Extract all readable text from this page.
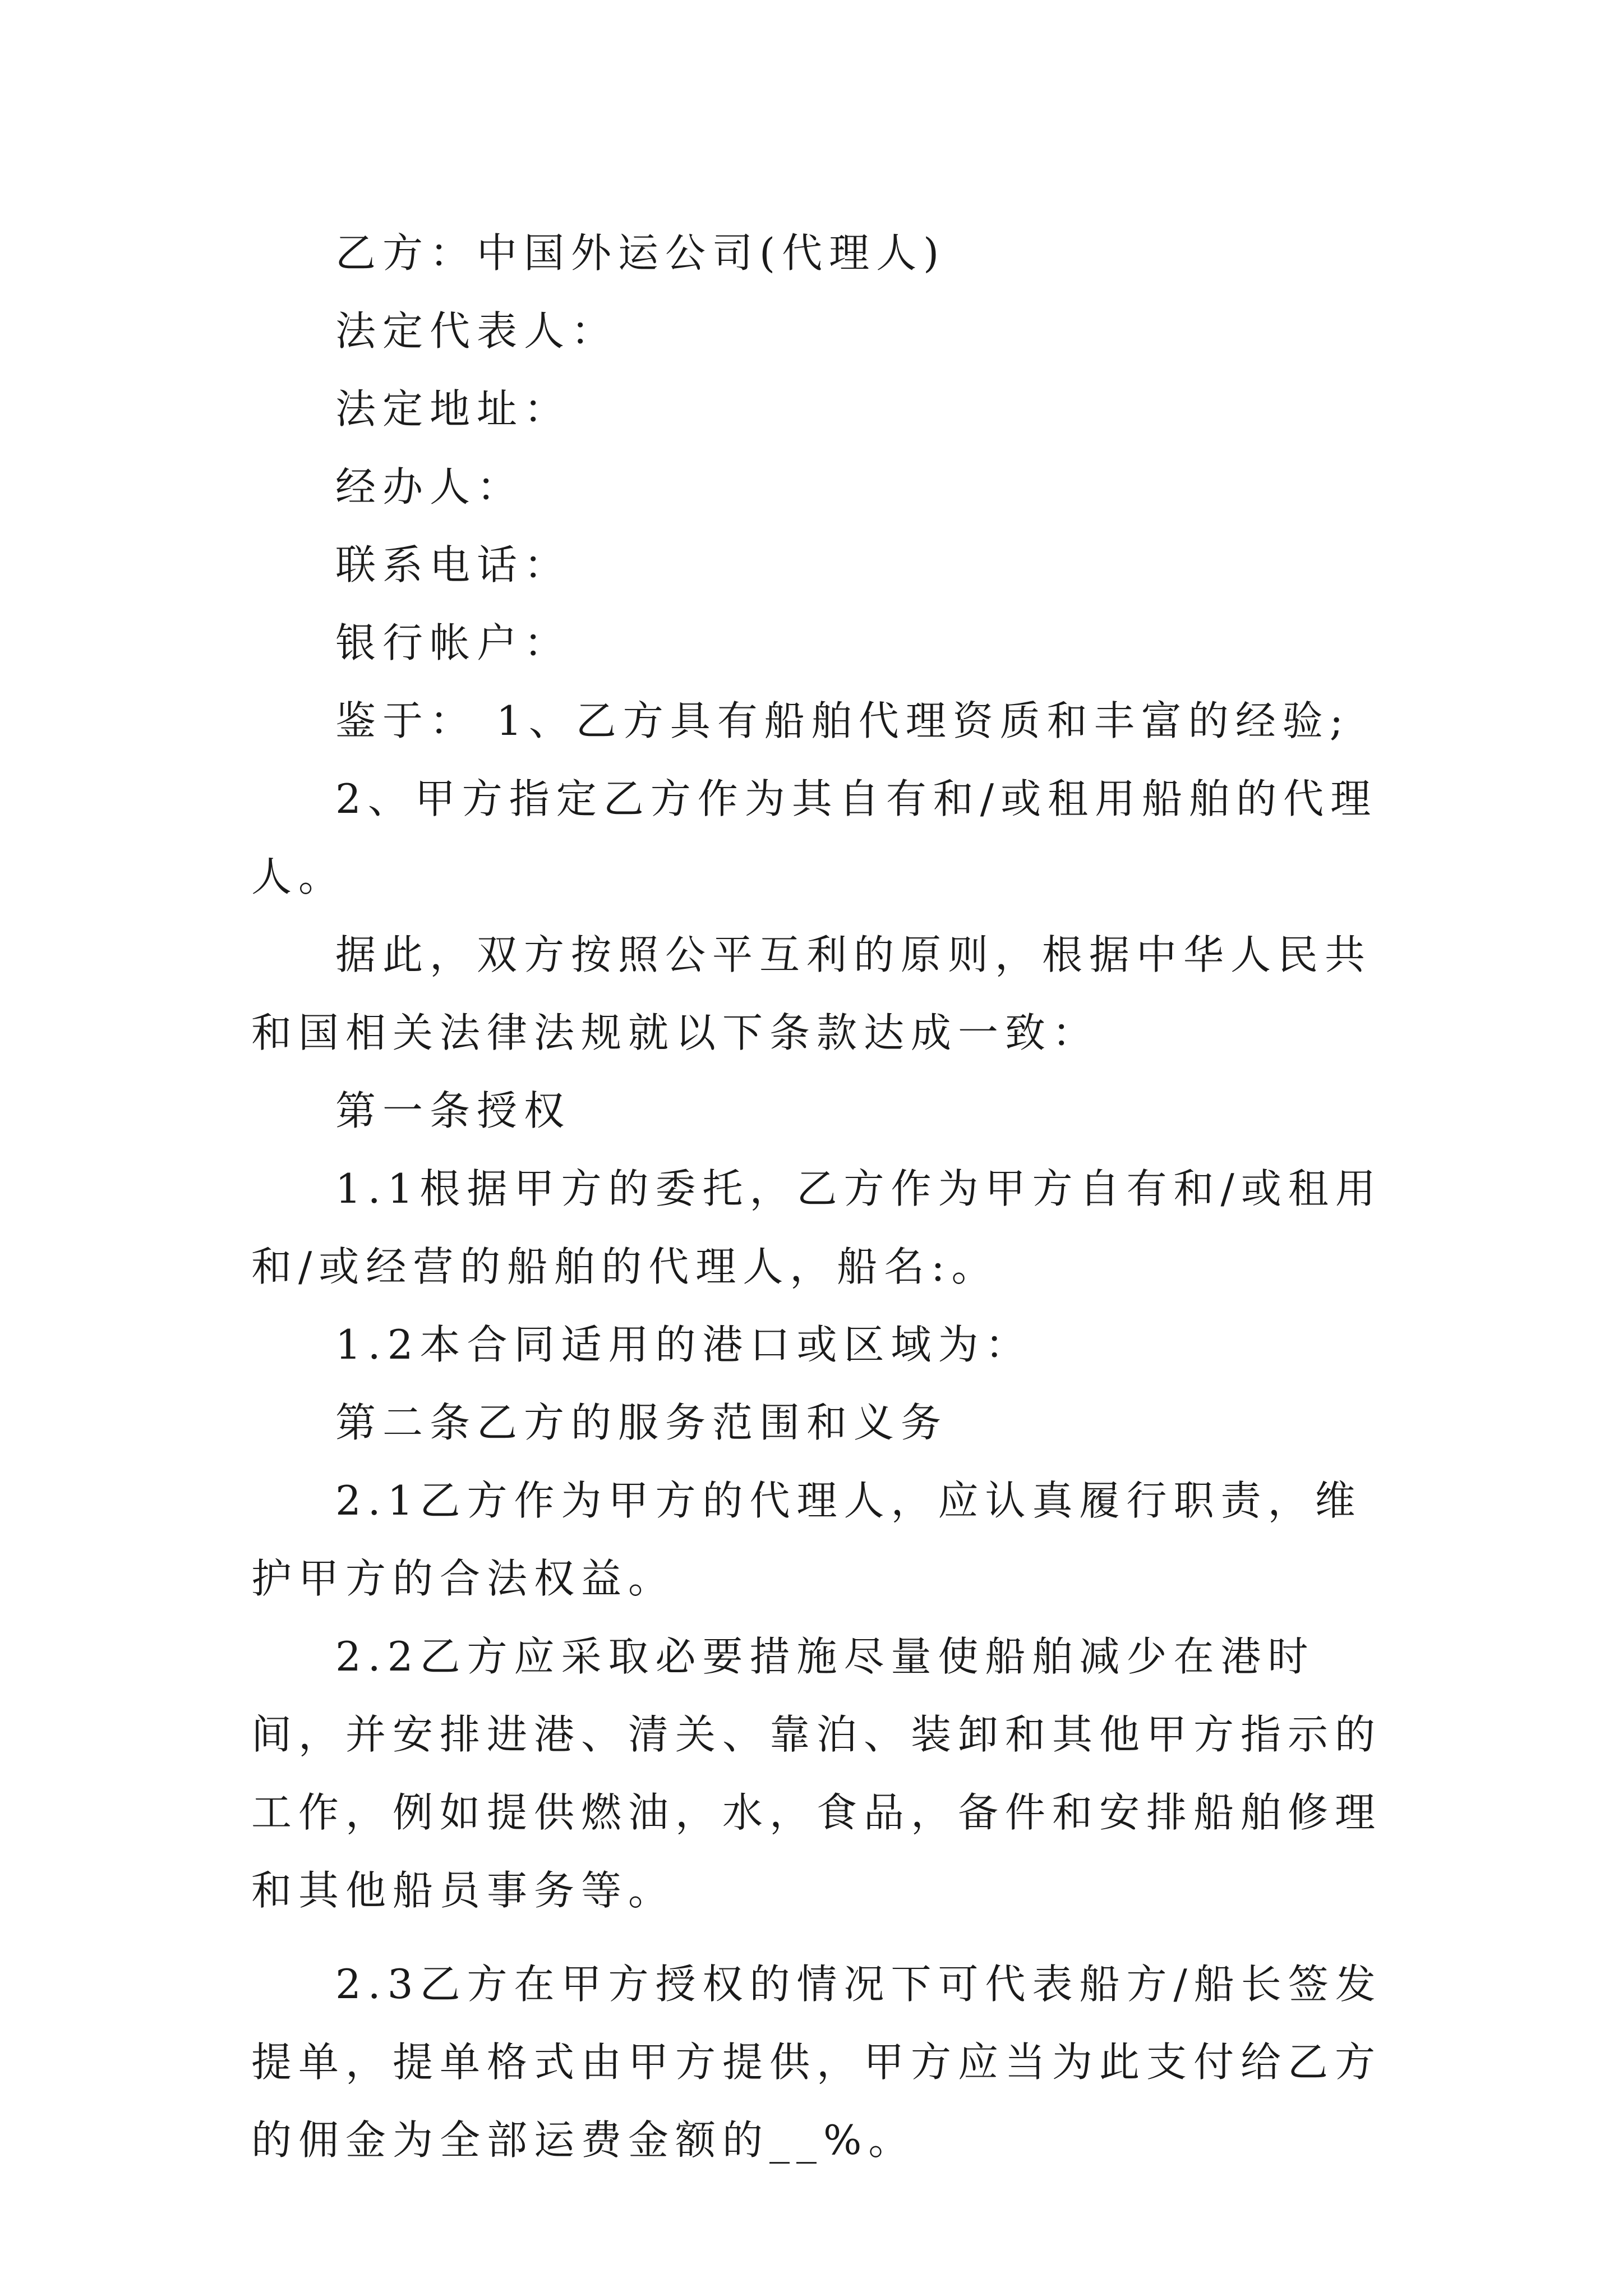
乙方：中国外运公司(代理人)

法定代表人：

法定地址：

经办人：

联系电话：

银行帐户：

鉴于： 1、乙方具有船舶代理资质和丰富的经验;

2、甲方指定乙方作为其自有和/或租用船舶的代理人。

据此，双方按照公平互利的原则，根据中华人民共和国相关法律法规就以下条款达成一致：

第一条授权

1.1根据甲方的委托，乙方作为甲方自有和/或租用和/或经营的船舶的代理人，船名:。

1.2本合同适用的港口或区域为：

第二条乙方的服务范围和义务

2.1乙方作为甲方的代理人，应认真履行职责，维护甲方的合法权益。

2.2乙方应采取必要措施尽量使船舶减少在港时间，并安排进港、清关、靠泊、装卸和其他甲方指示的工作，例如提供燃油，水，食品，备件和安排船舶修理和其他船员事务等。

2.3乙方在甲方授权的情况下可代表船方/船长签发提单，提单格式由甲方提供，甲方应当为此支付给乙方的佣金为全部运费金额的__%。
